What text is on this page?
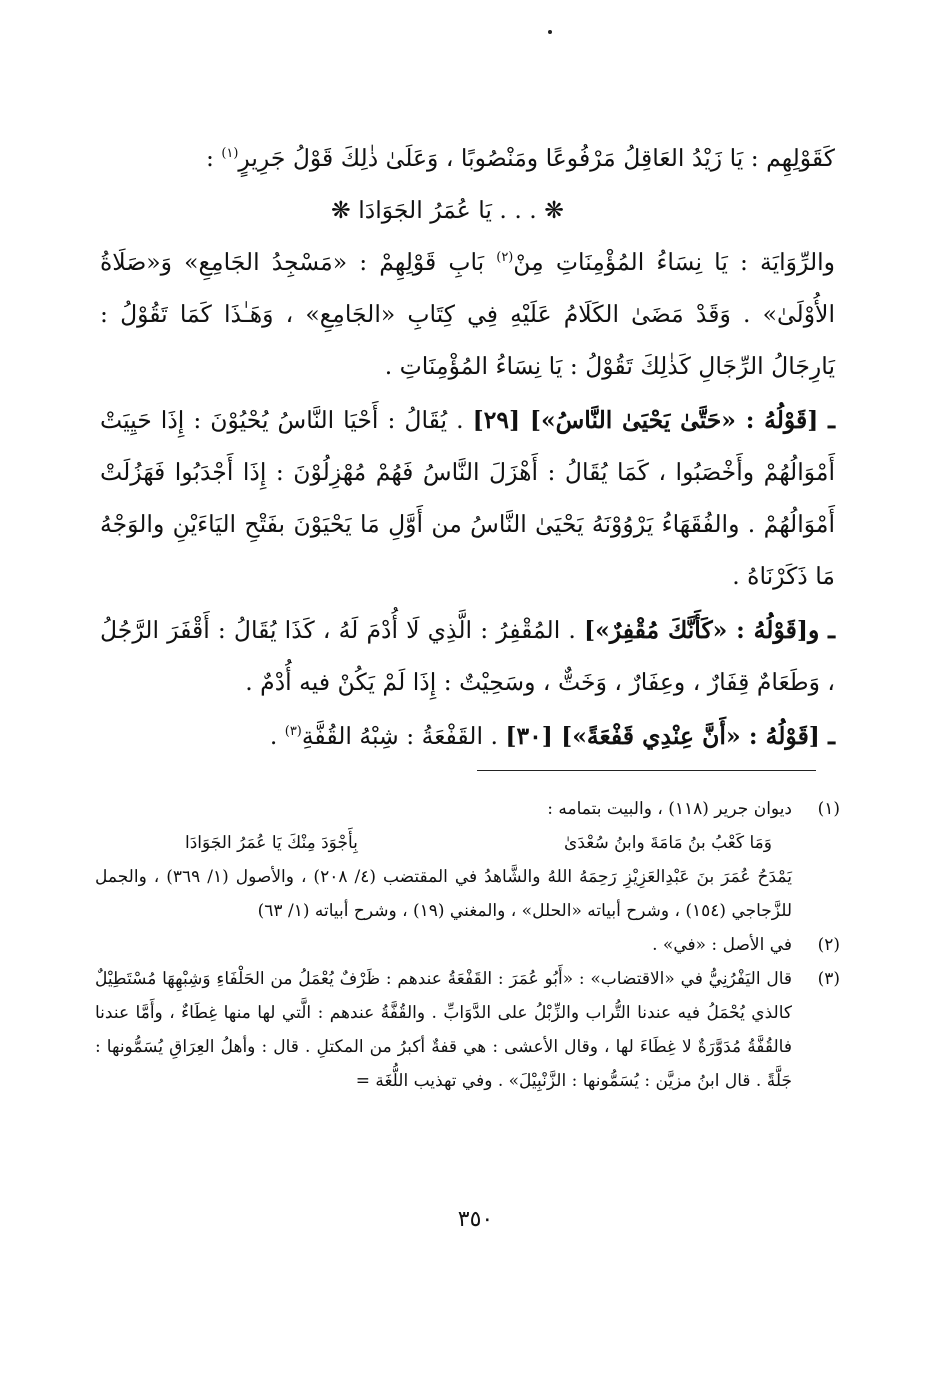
كَقَوْلِهِم : يَا زَيْدُ العَاقِلُ مَرْفُوعًا ومَنْصُوبًا ، وَعَلَىٰ ذٰلِكَ قَوْلُ جَرِيرٍ$^{(١)}$ :

❋ . . . يَا عُمَرُ الجَوَادَا ❋

والرِّوَايَة : يَا نِسَاءُ المُؤْمِنَاتِ مِنْ$^{(٢)}$ بَابِ قَوْلِهِمْ : «مَسْجِدُ الجَامِعِ» وَ«صَلَاةُ الأُوْلَىٰ» . وَقَدْ مَضَىٰ الكَلَامُ عَلَيْهِ فِي كِتَابِ «الجَامِعِ» ، وَهَـٰذَا كَمَا تَقُوْلُ : يَارِجَالُ الرِّجَالِ كَذٰلِكَ تَقُوْلُ : يَا نِسَاءُ المُؤْمِنَاتِ .

ـ [قَوْلُهُ : «حَتَّىٰ يَحْيَىٰ النَّاسُ»] [٢٩] . يُقَالُ : أَحْيَا النَّاسُ يُحْيُوْنَ : إِذَا حَيِيَتْ أَمْوَالُهُمْ وأَخْصَبُوا ، كَمَا يُقَالُ : أَهْزَلَ النَّاسُ فَهُمْ مُهْزِلُوْنَ : إِذَا أَجْدَبُوا فَهَزُلَتْ أَمْوَالُهُمْ . والفُقَهَاءُ يَرْوُوْنَهُ يَحْيَىٰ النَّاسُ من أَوَّلِ مَا يَحْيَوْنَ بفَتْحِ اليَاءَيْنِ والوَجْهُ مَا ذَكَرْنَاهُ .

ـ و[قَوْلُهُ : «كَأَنَّكَ مُقْفِرٌ»] . المُقْفِرُ : الَّذِي لَا أُدْمَ لَهُ ، كَذَا يُقَالُ : أَقْفَرَ الرَّجُلُ ، وَطَعَامٌ قِفَارٌ ، وعِفَارٌ ، وَخَتٌّ ، وسَحِيْتٌ : إِذَا لَمْ يَكُنْ فيه أُدْمٌ .

ـ [قَوْلُهُ : «أَنَّ عِنْدِي قَفْعَةً»] [٣٠] . القَفْعَةُ : شِبْهُ القُفَّةِ$^{(٣)}$ .

(١)

ديوان جرير (١١٨) ، والبيت بتمامه :

وَمَا كَعْبُ بنُ مَامَةَ وابنُ سُعْدَىٰ
بِأَجْوَدَ مِنْكَ يَا عُمَرُ الجَوَادَا

يَمْدَحُ عُمَرَ بنَ عَبْدِالعَزِيْزِ رَحِمَهُ اللهُ والشَّاهدُ في المقتضب (٤/ ٢٠٨) ، والأصول (١/ ٣٦٩) ، والجمل للزَّجاجي (١٥٤) ، وشرح أبياته «الحلل» ، والمغني (١٩) ، وشرح أبياته (١/ ٦٣)

(٢)

في الأصل : «في» .

(٣)

قال اليَفْرُنِيُّ في «الاقتضاب» : «أَبُو عُمَرَ : القَفْعَةُ عندهم : ظَرْفٌ يُعْمَلُ من الحَلْفَاءِ وَشِبْهِهَا مُسْتَطِيْلٌ كالذي يُحْمَلُ فيه عندنا التُّراب والزِّبْلُ على الدَّوَابِّ . والقُفَّةُ عندهم : الَّتي لها منها غِطَاءٌ ، وأَمَّا عندنا فالقُفَّةُ مُدَوَّرَةٌ لا غِطَاءَ لها ، وقال الأعشى : هي قفةٌ أكبرُ من المكتلِ . قال : وأهلُ العِرَاقِ يُسَمُّونها : جَلَّةً . قال ابنُ مزيَّن : يُسَمُّونها : الزَّنْبِيْلَ» . وفي تهذيب اللُّغَة =

٣٥٠
